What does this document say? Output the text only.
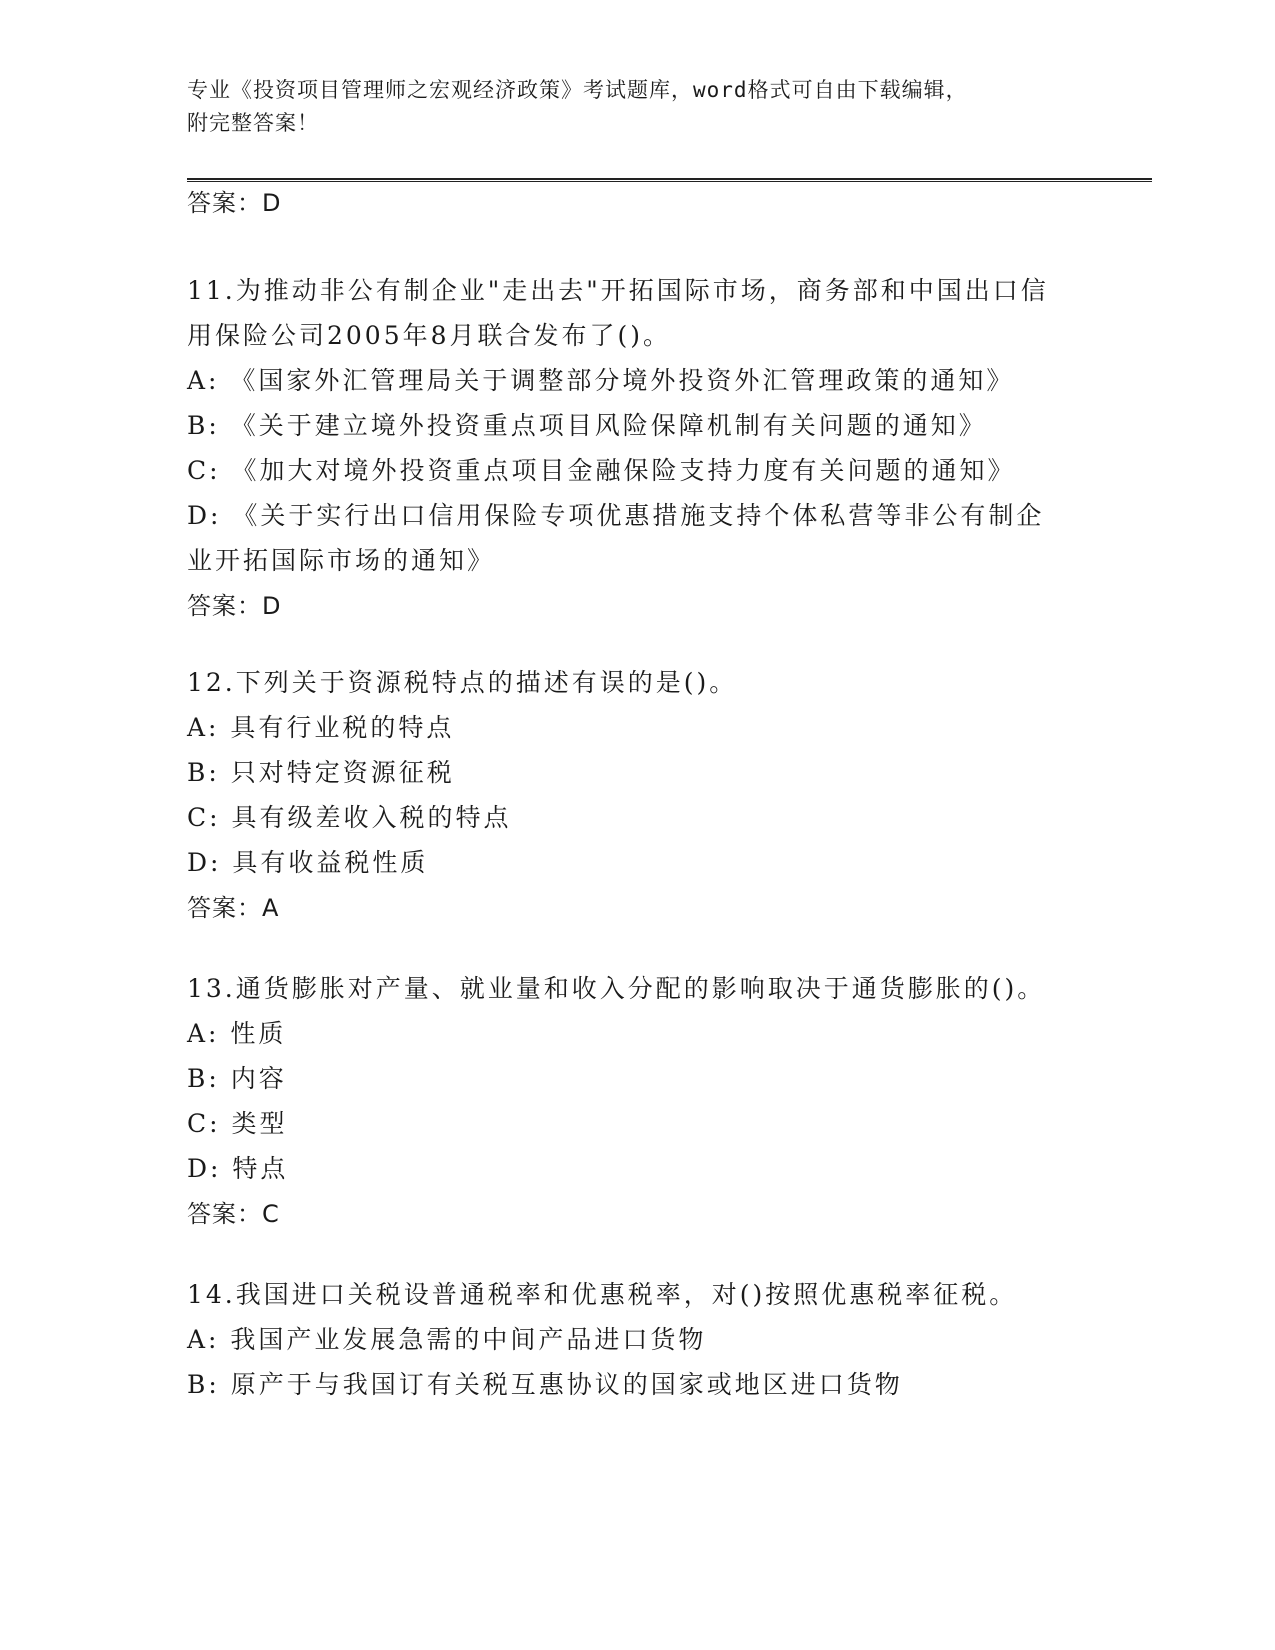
专业《投资项目管理师之宏观经济政策》考试题库，word格式可自由下载编辑，
附完整答案！
答案：D
11.为推动非公有制企业"走出去"开拓国际市场，商务部和中国出口信
用保险公司2005年8月联合发布了()。
A: 《国家外汇管理局关于调整部分境外投资外汇管理政策的通知》
B: 《关于建立境外投资重点项目风险保障机制有关问题的通知》
C: 《加大对境外投资重点项目金融保险支持力度有关问题的通知》
D: 《关于实行出口信用保险专项优惠措施支持个体私营等非公有制企
业开拓国际市场的通知》
答案：D
12.下列关于资源税特点的描述有误的是()。
A: 具有行业税的特点
B: 只对特定资源征税
C: 具有级差收入税的特点
D: 具有收益税性质
答案：A
13.通货膨胀对产量、就业量和收入分配的影响取决于通货膨胀的()。
A: 性质
B: 内容
C: 类型
D: 特点
答案：C
14.我国进口关税设普通税率和优惠税率，对()按照优惠税率征税。
A: 我国产业发展急需的中间产品进口货物
B: 原产于与我国订有关税互惠协议的国家或地区进口货物
